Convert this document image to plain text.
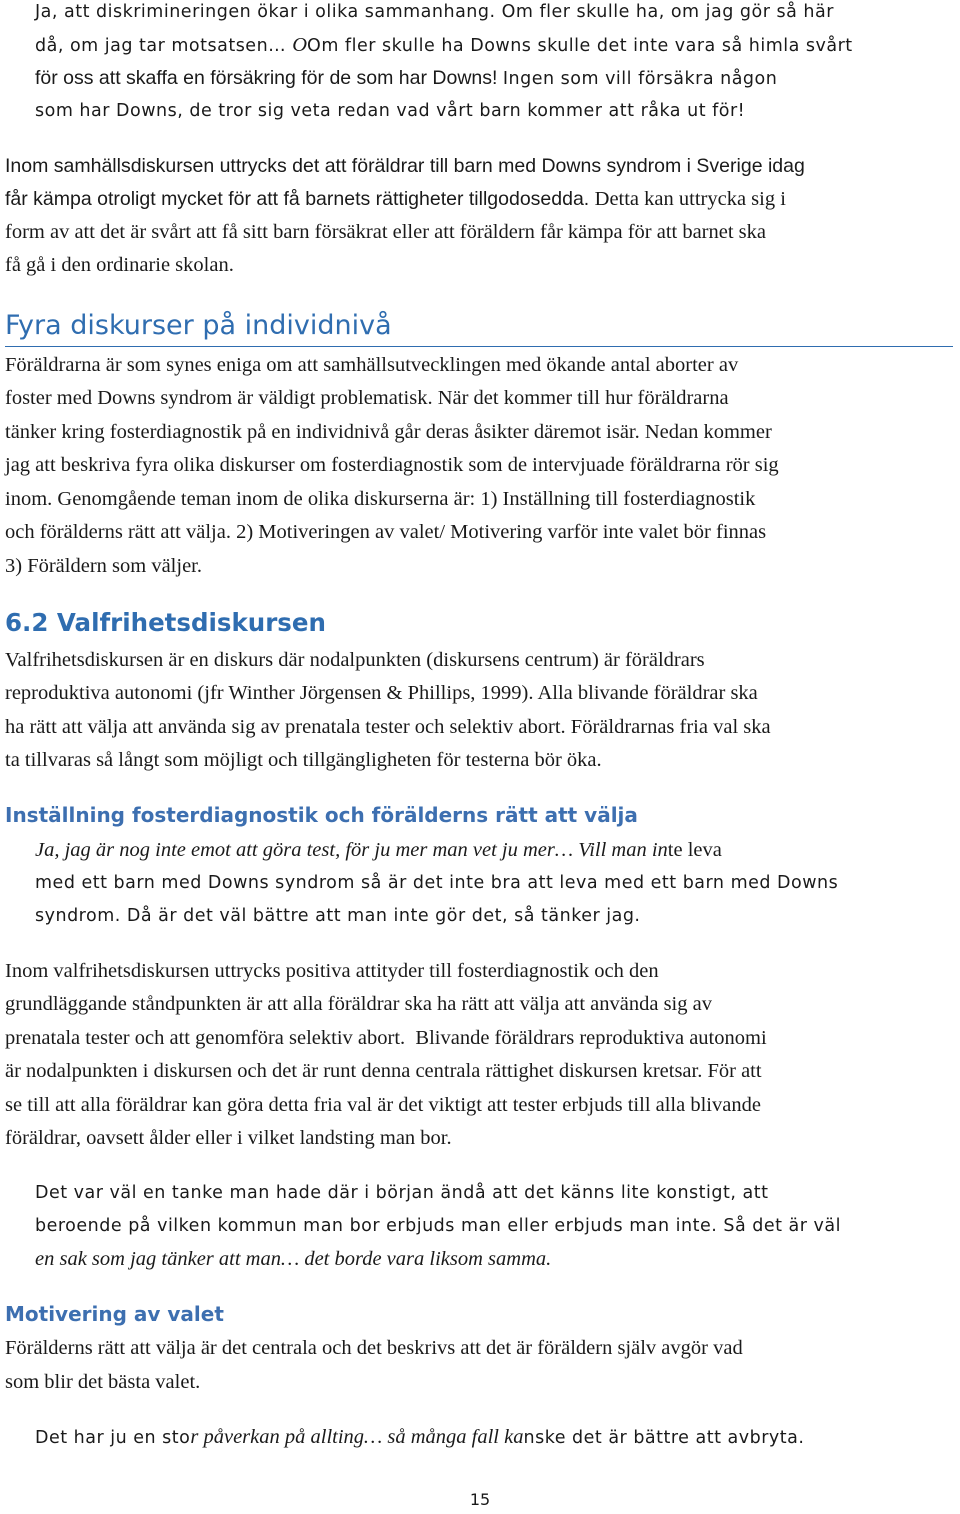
Ja, att diskrimineringen ökar i olika sammanhang. Om fler skulle ha, om jag gör så här
då, om jag tar motsatsen… OOm fler skulle ha Downs skulle det inte vara så himla svårt
för oss att skaffa en försäkring för de som har Downs! Ingen som vill försäkra någon
som har Downs, de tror sig veta redan vad vårt barn kommer att råka ut för!
Inom samhällsdiskursen uttrycks det att föräldrar till barn med Downs syndrom i Sverige idag
får kämpa otroligt mycket för att få barnets rättigheter tillgodosedda. Detta kan uttrycka sig i
form av att det är svårt att få sitt barn försäkrat eller att föräldern får kämpa för att barnet ska
få gå i den ordinarie skolan.
Fyra diskurser på individnivå
Föräldrarna är som synes eniga om att samhällsutvecklingen med ökande antal aborter av
foster med Downs syndrom är väldigt problematisk. När det kommer till hur föräldrarna
tänker kring fosterdiagnostik på en individnivå går deras åsikter däremot isär. Nedan kommer
jag att beskriva fyra olika diskurser om fosterdiagnostik som de intervjuade föräldrarna rör sig
inom. Genomgående teman inom de olika diskurserna är: 1) Inställning till fosterdiagnostik
och förälderns rätt att välja. 2) Motiveringen av valet/ Motivering varför inte valet bör finnas
3) Föräldern som väljer.
6.2 Valfrihetsdiskursen
Valfrihetsdiskursen är en diskurs där nodalpunkten (diskursens centrum) är föräldrars
reproduktiva autonomi (jfr Winther Jörgensen & Phillips, 1999). Alla blivande föräldrar ska
ha rätt att välja att använda sig av prenatala tester och selektiv abort. Föräldrarnas fria val ska
ta tillvaras så långt som möjligt och tillgängligheten för testerna bör öka.
Inställning fosterdiagnostik och förälderns rätt att välja
Ja, jag är nog inte emot att göra test, för ju mer man vet ju mer… Vill man inte leva
med ett barn med Downs syndrom så är det inte bra att leva med ett barn med Downs
syndrom. Då är det väl bättre att man inte gör det, så tänker jag.
Inom valfrihetsdiskursen uttrycks positiva attityder till fosterdiagnostik och den
grundläggande ståndpunkten är att alla föräldrar ska ha rätt att välja att använda sig av
prenatala tester och att genomföra selektiv abort.  Blivande föräldrars reproduktiva autonomi
är nodalpunkten i diskursen och det är runt denna centrala rättighet diskursen kretsar. För att
se till att alla föräldrar kan göra detta fria val är det viktigt att tester erbjuds till alla blivande
föräldrar, oavsett ålder eller i vilket landsting man bor.
Det var väl en tanke man hade där i början ändå att det känns lite konstigt, att
beroende på vilken kommun man bor erbjuds man eller erbjuds man inte. Så det är väl
en sak som jag tänker att man… det borde vara liksom samma.
Motivering av valet
Förälderns rätt att välja är det centrala och det beskrivs att det är föräldern själv avgör vad
som blir det bästa valet.
Det har ju en stor påverkan på allting… så många fall kanske det är bättre att avbryta.
15
